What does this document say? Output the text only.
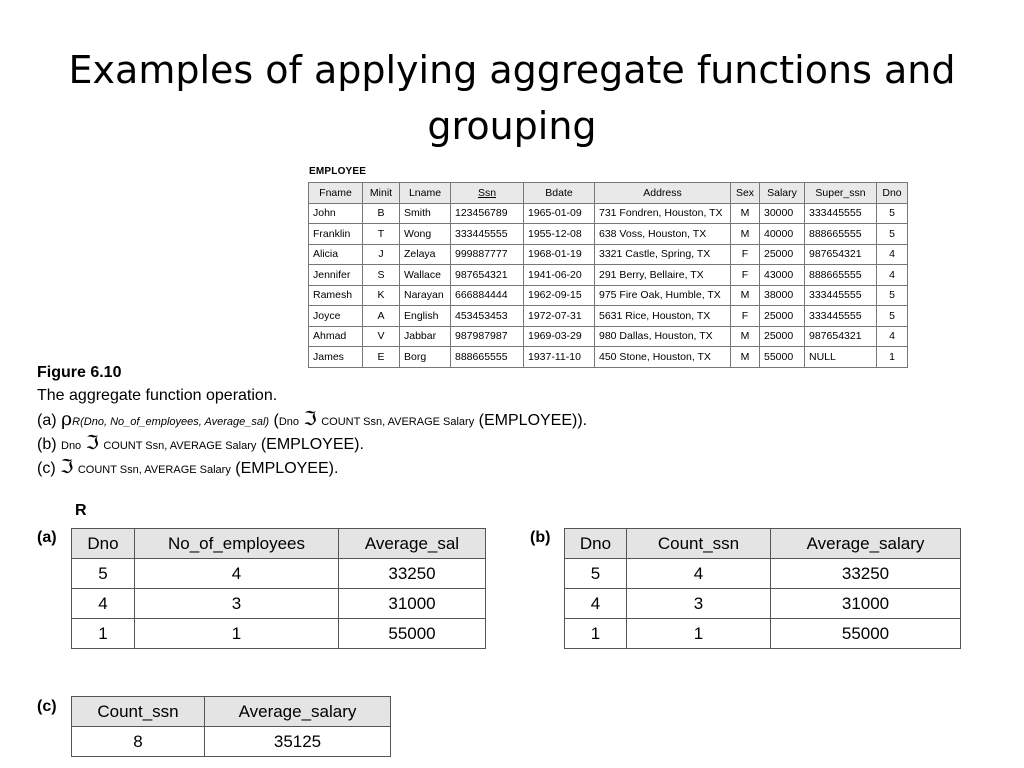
Examples of applying aggregate functions and grouping
EMPLOYEE
Fname	Minit	Lname	Ssn	Bdate	Address	Sex	Salary	Super_ssn	Dno
John	B	Smith	123456789	1965-01-09	731 Fondren, Houston, TX	M	30000	333445555	5
Franklin	T	Wong	333445555	1955-12-08	638 Voss, Houston, TX	M	40000	888665555	5
Alicia	J	Zelaya	999887777	1968-01-19	3321 Castle, Spring, TX	F	25000	987654321	4
Jennifer	S	Wallace	987654321	1941-06-20	291 Berry, Bellaire, TX	F	43000	888665555	4
Ramesh	K	Narayan	666884444	1962-09-15	975 Fire Oak, Humble, TX	M	38000	333445555	5
Joyce	A	English	453453453	1972-07-31	5631 Rice, Houston, TX	F	25000	333445555	5
Ahmad	V	Jabbar	987987987	1969-03-29	980 Dallas, Houston, TX	M	25000	987654321	4
James	E	Borg	888665555	1937-11-10	450 Stone, Houston, TX	M	55000	NULL	1
Figure 6.10
The aggregate function operation.
(a) ρR(Dno, No_of_employees, Average_sal) (Dno ℑ COUNT Ssn, AVERAGE Salary (EMPLOYEE)).
(b) Dno ℑ COUNT Ssn, AVERAGE Salary (EMPLOYEE).
(c) ℑ COUNT Ssn, AVERAGE Salary (EMPLOYEE).
R
(a) Dno	No_of_employees	Average_sal
5	4	33250
4	3	31000
1	1	55000
(b) Dno	Count_ssn	Average_salary
5	4	33250
4	3	31000
1	1	55000
(c) Count_ssn	Average_salary
8	35125
